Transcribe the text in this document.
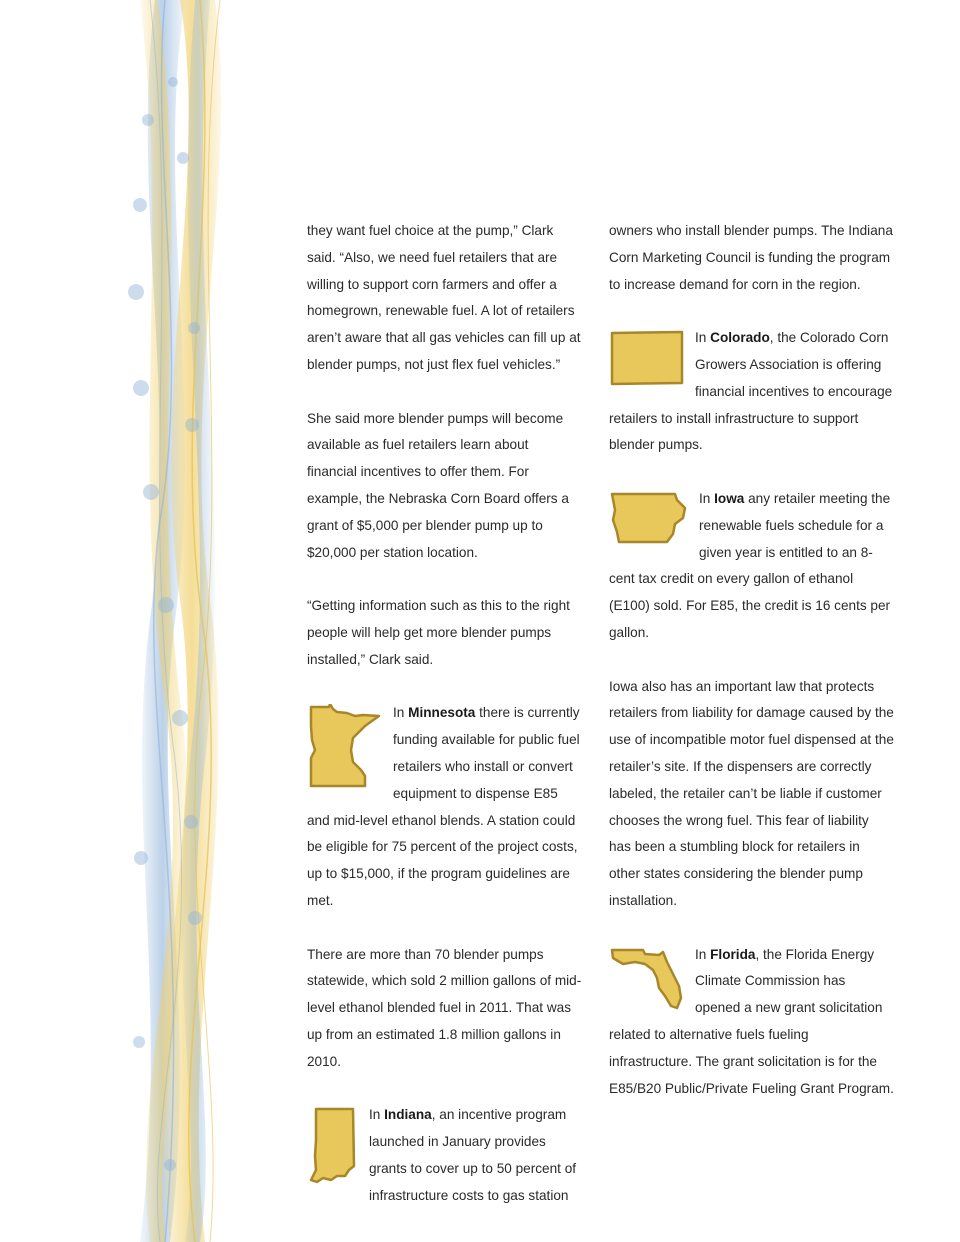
they want fuel choice at the pump,” Clark said. “Also, we need fuel retailers that are willing to support corn farmers and offer a homegrown, renewable fuel. A lot of retailers aren’t aware that all gas vehicles can fill up at blender pumps, not just flex fuel vehicles.”

She said more blender pumps will become available as fuel retailers learn about financial incentives to offer them. For example, the Nebraska Corn Board offers a grant of $5,000 per blender pump up to $20,000 per station location.

“Getting information such as this to the right people will help get more blender pumps installed,” Clark said.

In Minnesota there is currently funding available for public fuel retailers who install or convert equipment to dispense E85 and mid-level ethanol blends. A station could be eligible for 75 percent of the project costs, up to $15,000, if the program guidelines are met.

There are more than 70 blender pumps statewide, which sold 2 million gallons of mid-level ethanol blended fuel in 2011. That was up from an estimated 1.8 million gallons in 2010.

In Indiana, an incentive program launched in January provides grants to cover up to 50 percent of infrastructure costs to gas station

owners who install blender pumps. The Indiana Corn Marketing Council is funding the program to increase demand for corn in the region.

In Colorado, the Colorado Corn Growers Association is offering financial incentives to encourage retailers to install infrastructure to support blender pumps.

In Iowa any retailer meeting the renewable fuels schedule for a given year is entitled to an 8-cent tax credit on every gallon of ethanol (E100) sold. For E85, the credit is 16 cents per gallon.

Iowa also has an important law that protects retailers from liability for damage caused by the use of incompatible motor fuel dispensed at the retailer’s site. If the dispensers are correctly labeled, the retailer can’t be liable if customer chooses the wrong fuel. This fear of liability has been a stumbling block for retailers in other states considering the blender pump installation.

In Florida, the Florida Energy Climate Commission has opened a new grant solicitation related to alternative fuels fueling infrastructure. The grant solicitation is for the E85/B20 Public/Private Fueling Grant Program.
